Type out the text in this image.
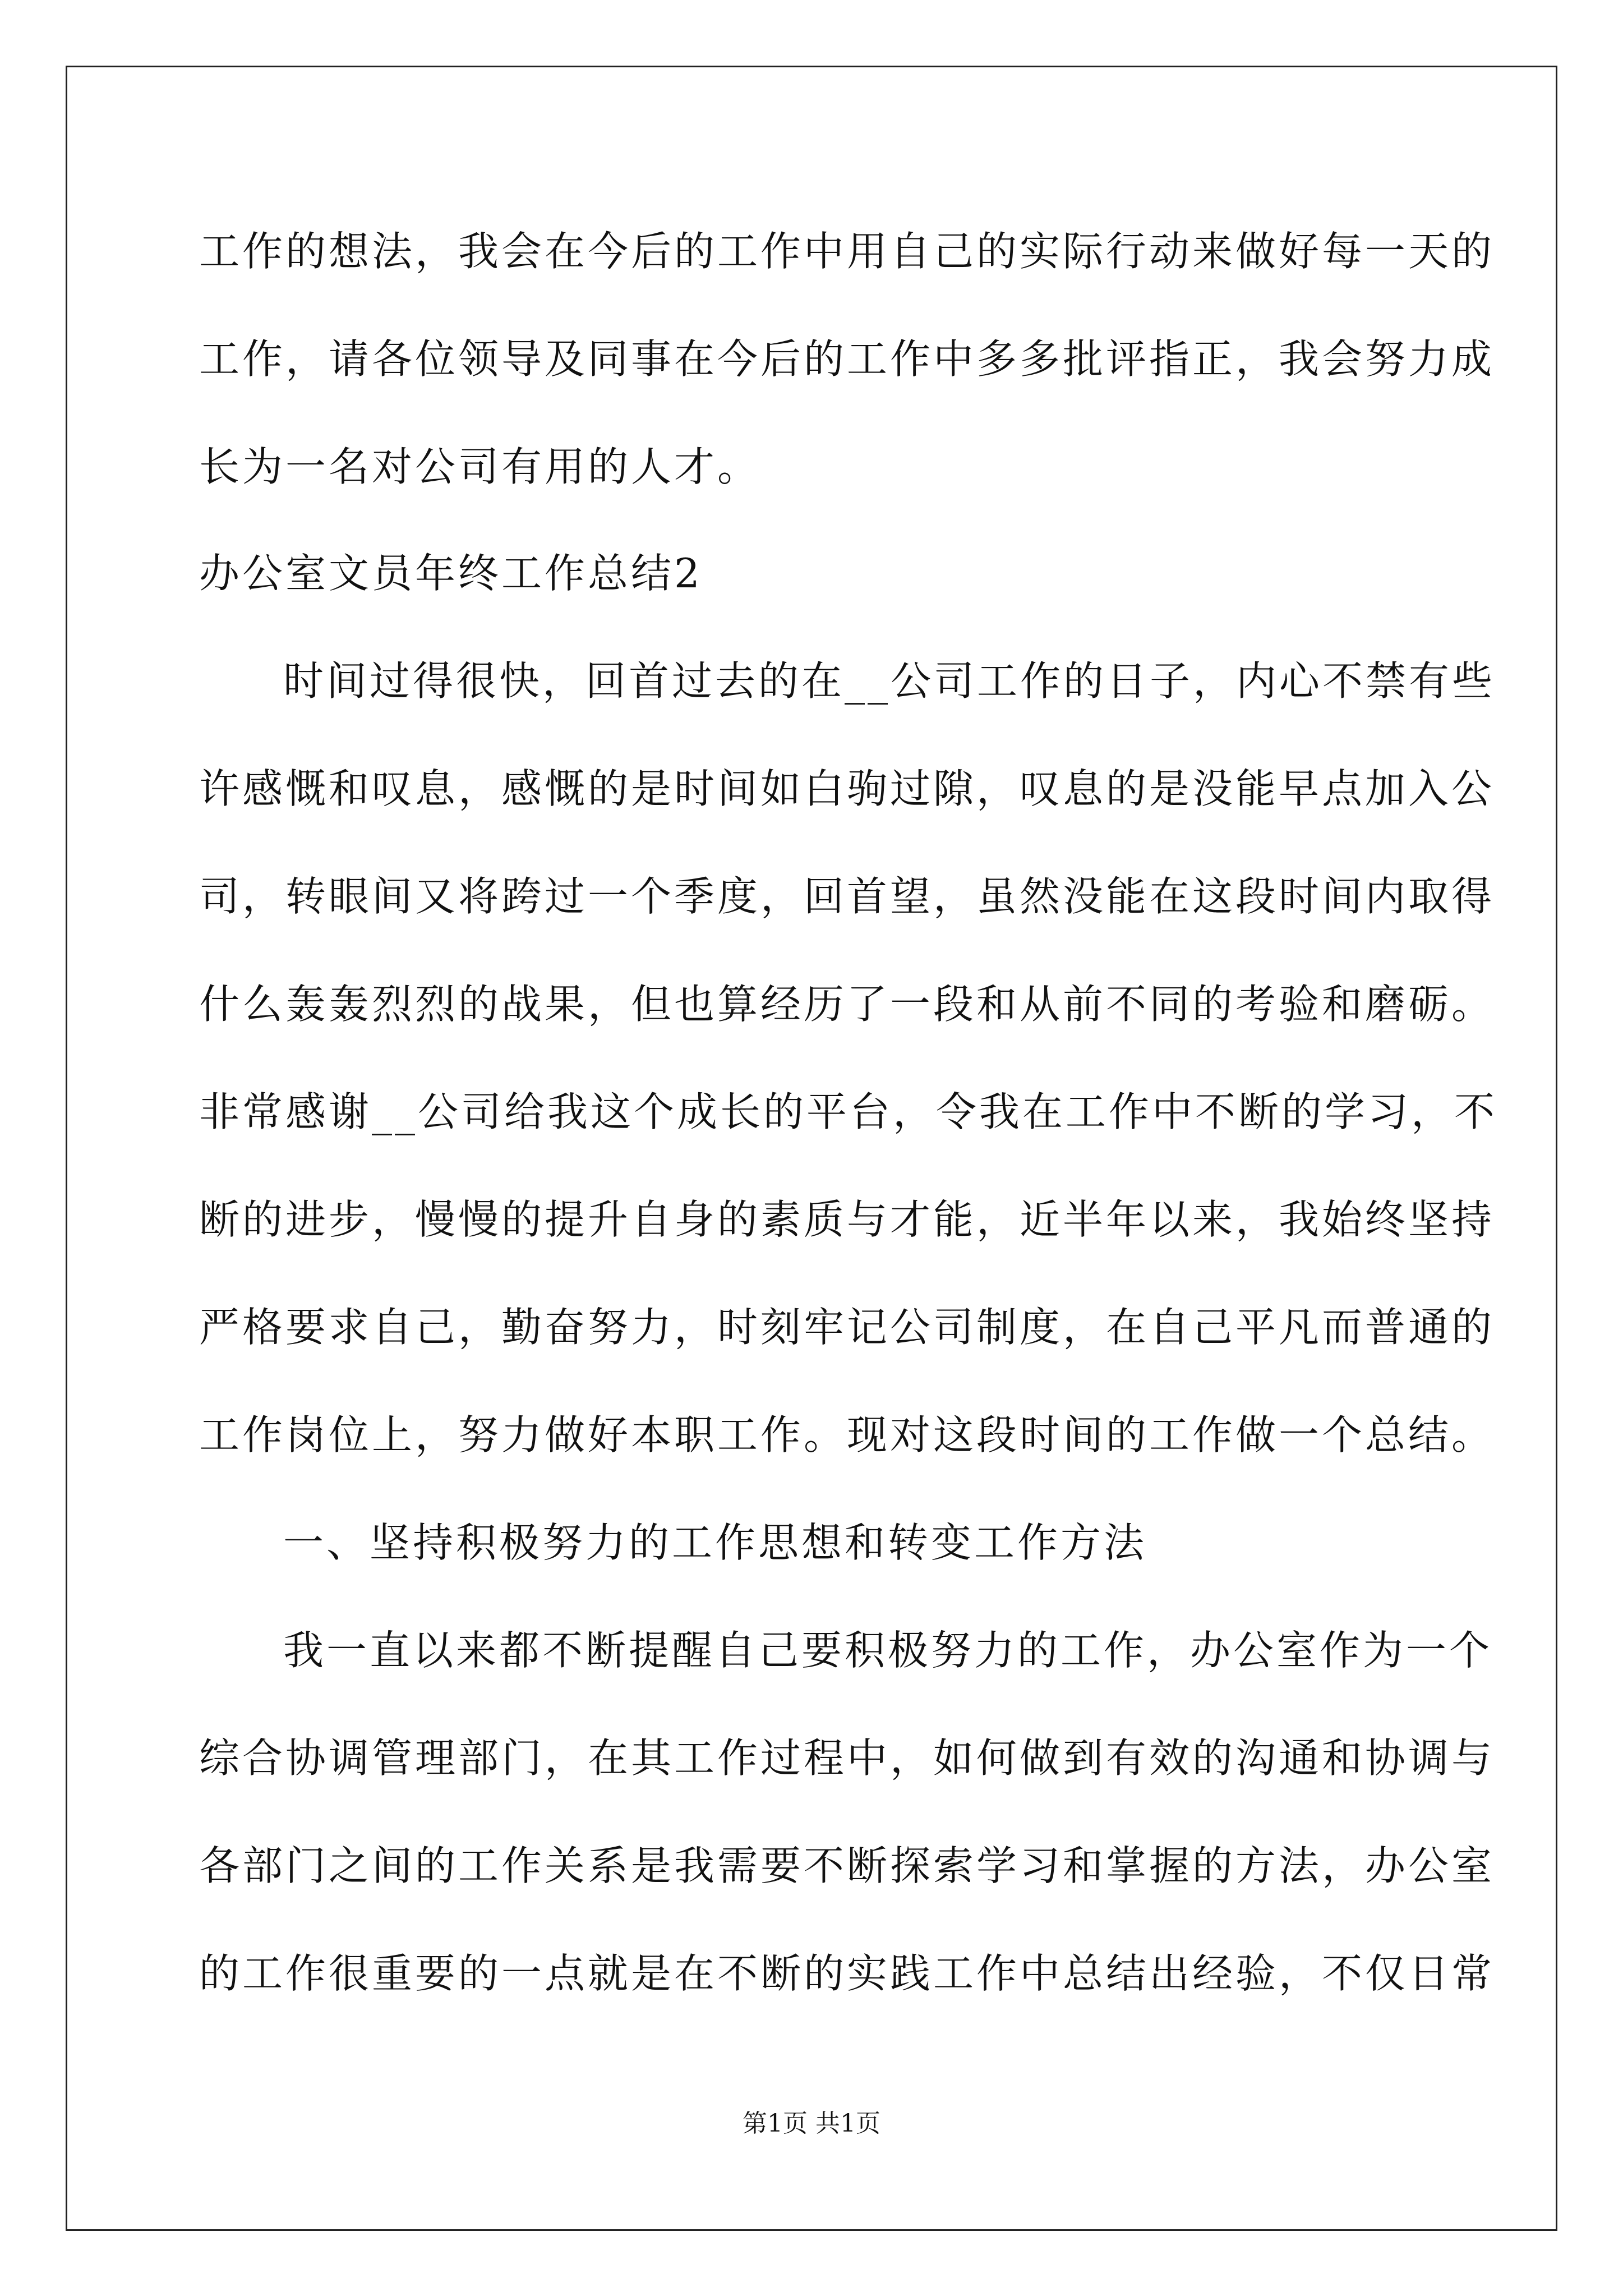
工作的想法，我会在今后的工作中用自己的实际行动来做好每一天的
工作，请各位领导及同事在今后的工作中多多批评指正，我会努力成
长为一名对公司有用的人才。
办公室文员年终工作总结2
时间过得很快，回首过去的在__公司工作的日子，内心不禁有些
许感慨和叹息，感慨的是时间如白驹过隙，叹息的是没能早点加入公
司，转眼间又将跨过一个季度，回首望，虽然没能在这段时间内取得
什么轰轰烈烈的战果，但也算经历了一段和从前不同的考验和磨砺。
非常感谢__公司给我这个成长的平台，令我在工作中不断的学习，不
断的进步，慢慢的提升自身的素质与才能，近半年以来，我始终坚持
严格要求自己，勤奋努力，时刻牢记公司制度，在自己平凡而普通的
工作岗位上，努力做好本职工作。现对这段时间的工作做一个总结。
一、坚持积极努力的工作思想和转变工作方法
我一直以来都不断提醒自己要积极努力的工作，办公室作为一个
综合协调管理部门，在其工作过程中，如何做到有效的沟通和协调与
各部门之间的工作关系是我需要不断探索学习和掌握的方法，办公室
的工作很重要的一点就是在不断的实践工作中总结出经验，不仅日常
第1页 共1页
